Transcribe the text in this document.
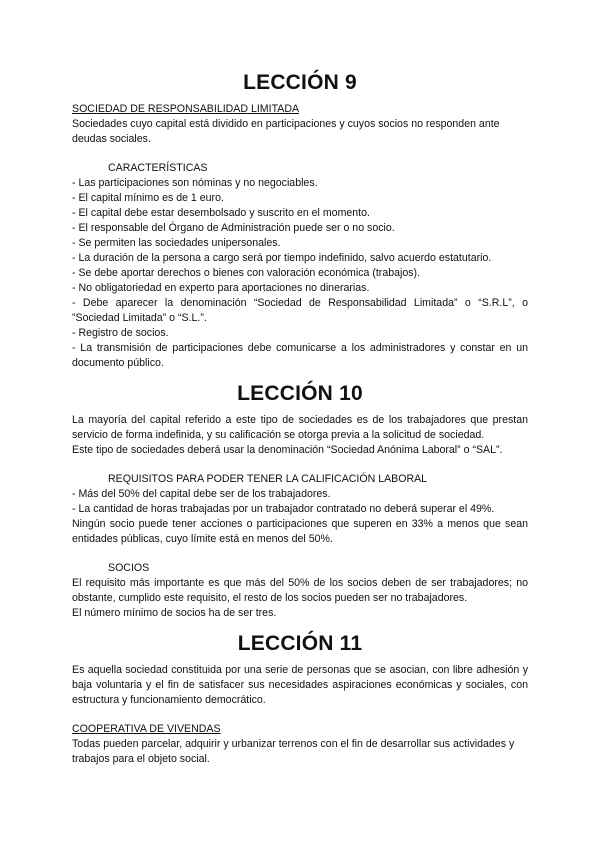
LECCIÓN 9

SOCIEDAD DE RESPONSABILIDAD LIMITADA

Sociedades cuyo capital está dividido en participaciones y cuyos socios no responden ante deudas sociales.

CARACTERÍSTICAS

- Las participaciones son nóminas y no negociables.
- El capital mínimo es de 1 euro.
- El capital debe estar desembolsado y suscrito en el momento.
- El responsable del Órgano de Administración puede ser o no socio.
- Se permiten las sociedades unipersonales.
- La duración de la persona a cargo será por tiempo indefinido, salvo acuerdo estatutario.
- Se debe aportar derechos o bienes con valoración económica (trabajos).
- No obligatoriedad en experto para aportaciones no dinerarias.
- Debe aparecer la denominación “Sociedad de Responsabilidad Limitada” o “S.R.L”, o ”Sociedad Limitada” o “S.L.”.
- Registro de socios.
- La transmisión de participaciones debe comunicarse a los administradores y constar en un documento público.
LECCIÓN 10

La mayoría del capital referido a este tipo de sociedades es de los trabajadores que prestan servicio de forma indefinida, y su calificación se otorga previa a la solicitud de sociedad.

Este tipo de sociedades deberá usar la denominación “Sociedad Anónima Laboral” o “SAL”.

REQUISITOS PARA PODER TENER LA CALIFICACIÓN LABORAL

- Más del 50% del capital debe ser de los trabajadores.
- La cantidad de horas trabajadas por un trabajador contratado no deberá superar el 49%.

Ningún socio puede tener acciones o participaciones que superen en 33% a menos que sean entidades públicas, cuyo límite está en menos del 50%.

SOCIOS

El requisito más importante es que más del 50% de los socios deben de ser trabajadores; no obstante, cumplido este requisito, el resto de los socios pueden ser no trabajadores.

El número mínimo de socios ha de ser tres.

LECCIÓN 11

Es aquella sociedad constituida por una serie de personas que se asocian, con libre adhesión y baja voluntaria y el fin de satisfacer sus necesidades aspiraciones económicas y sociales, con estructura y funcionamiento democrático.

COOPERATIVA DE VIVENDAS

Todas pueden parcelar, adquirir y urbanizar terrenos con el fin de desarrollar sus actividades y trabajos para el objeto social.
